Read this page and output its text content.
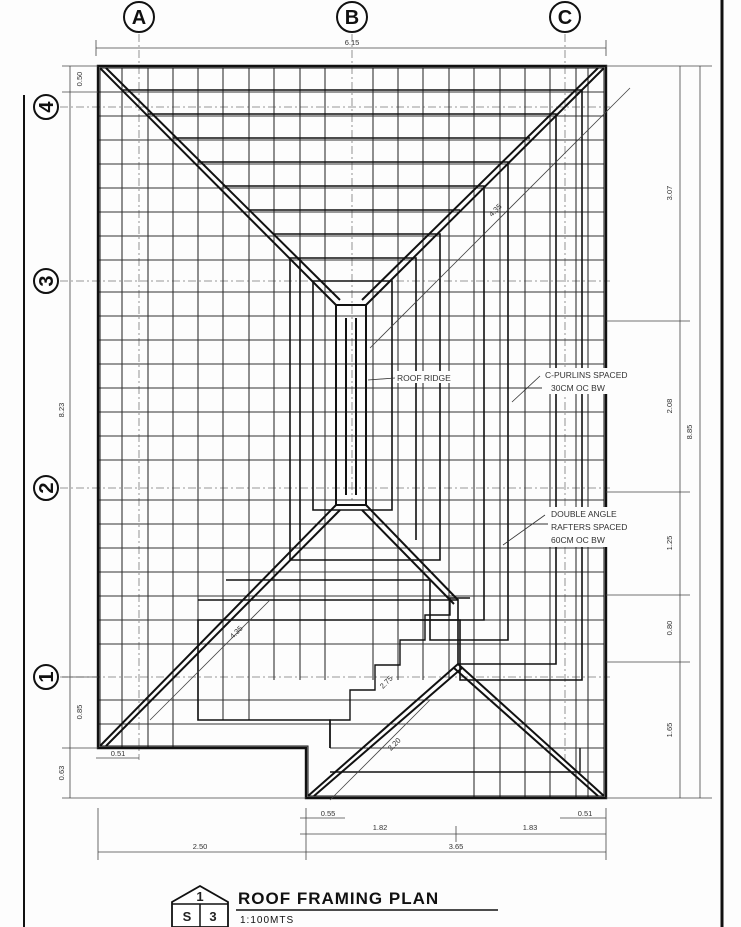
A	B	C
4
3
2
1
6.15
0.50
8.23
0.85
0.63
3.07
2.08
8.85
1.25
0.80
1.65
0.51
0.55
1.82	1.83
0.51
2.50	3.65
4.35
4.35
2.75
2.20
ROOF RIDGE	C-PURLINS SPACED
30CM OC BW
DOUBLE ANGLE
RAFTERS SPACED
60CM OC BW
1
S 3
ROOF FRAMING PLAN
1:100MTS
